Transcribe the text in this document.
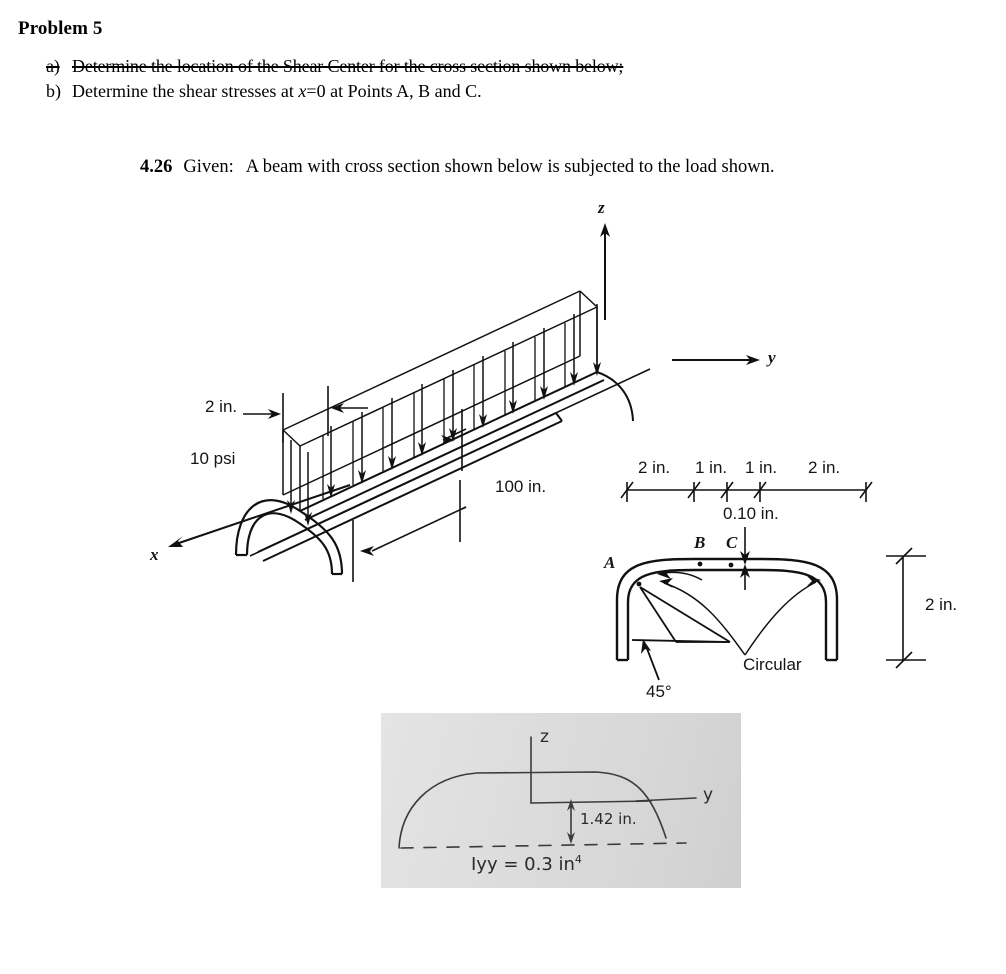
Problem 5
a) Determine the location of the Shear Center for the cross section shown below;
b) Determine the shear stresses at x=0 at Points A, B and C.
4.26 Given: A beam with cross section shown below is subjected to the load shown.
2 in.
10 psi
100 in.
z
y
x
2 in. 1 in. 1 in. 2 in.
0.10 in.
A
B C
45°
Circular
2 in.
z
y
1.42 in.
Iyy = 0.3 $in^4$
